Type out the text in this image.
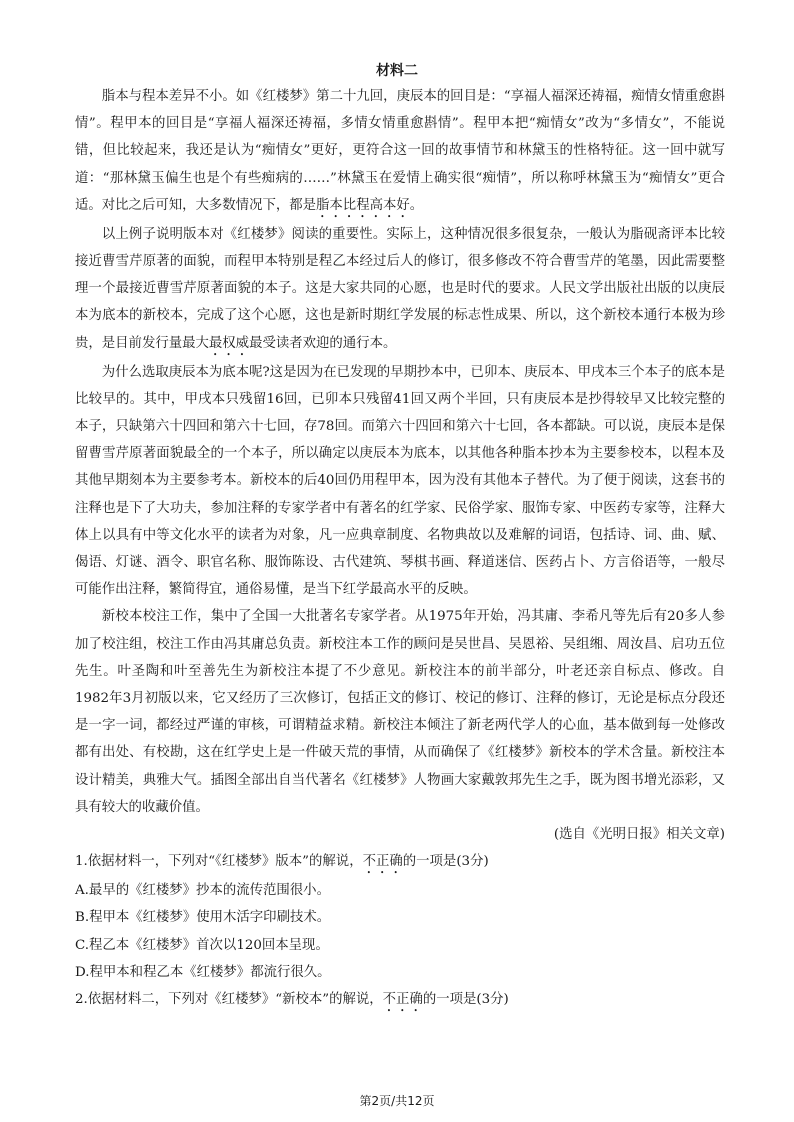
材料二

脂本与程本差异不小。如《红楼梦》第二十九回，庚辰本的回目是：“享福人福深还祷福，痴情女情重愈斟情”。程甲本的回目是“享福人福深还祷福，多情女情重愈斟情”。程甲本把“痴情女”改为“多情女”，不能说错，但比较起来，我还是认为“痴情女”更好，更符合这一回的故事情节和林黛玉的性格特征。这一回中就写道：“那林黛玉偏生也是个有些痴病的……”林黛玉在爱情上确实很“痴情”，所以称呼林黛玉为“痴情女”更合适。对比之后可知，大多数情况下，都是脂本比程高本好。

以上例子说明版本对《红楼梦》阅读的重要性。实际上，这种情况很多很复杂，一般认为脂砚斋评本比较接近曹雪芹原著的面貌，而程甲本特别是程乙本经过后人的修订，很多修改不符合曹雪芹的笔墨，因此需要整理一个最接近曹雪芹原著面貌的本子。这是大家共同的心愿，也是时代的要求。人民文学出版社出版的以庚辰本为底本的新校本，完成了这个心愿，这也是新时期红学发展的标志性成果、所以，这个新校本通行本极为珍贵，是目前发行量最大最权威最受读者欢迎的通行本。

为什么选取庚辰本为底本呢?这是因为在已发现的早期抄本中，已卯本、庚辰本、甲戌本三个本子的底本是比较早的。其中，甲戌本只残留16回，已卯本只残留41回又两个半回，只有庚辰本是抄得较早又比较完整的本子，只缺第六十四回和第六十七回，存78回。而第六十四回和第六十七回，各本都缺。可以说，庚辰本是保留曹雪芹原著面貌最全的一个本子，所以确定以庚辰本为底本，以其他各种脂本抄本为主要参校本，以程本及其他早期刻本为主要参考本。新校本的后40回仍用程甲本，因为没有其他本子替代。为了便于阅读，这套书的注释也是下了大功夫，参加注释的专家学者中有著名的红学家、民俗学家、服饰专家、中医药专家等，注释大体上以具有中等文化水平的读者为对象，凡一应典章制度、名物典故以及难解的词语，包括诗、词、曲、赋、偈语、灯谜、酒令、职官名称、服饰陈设、古代建筑、琴棋书画、释道迷信、医药占卜、方言俗语等，一般尽可能作出注释，繁简得宜，通俗易懂，是当下红学最高水平的反映。

新校本校注工作，集中了全国一大批著名专家学者。从1975年开始，冯其庸、李希凡等先后有20多人参加了校注组，校注工作由冯其庸总负责。新校注本工作的顾问是吴世昌、吴恩裕、吴组缃、周汝昌、启功五位先生。叶圣陶和叶至善先生为新校注本提了不少意见。新校注本的前半部分，叶老还亲自标点、修改。自1982年3月初版以来，它又经历了三次修订，包括正文的修订、校记的修订、注释的修订，无论是标点分段还是一字一词，都经过严谨的审核，可谓精益求精。新校注本倾注了新老两代学人的心血，基本做到每一处修改都有出处、有校勘，这在红学史上是一件破天荒的事情，从而确保了《红楼梦》新校本的学术含量。新校注本设计精美，典雅大气。插图全部出自当代著名《红楼梦》人物画大家戴敦邦先生之手，既为图书增光添彩，又具有较大的收藏价值。

(选自《光明日报》相关文章)

1.依据材料一，下列对“《红楼梦》版本”的解说，不正确的一项是(3分)

A.最早的《红楼梦》抄本的流传范围很小。

B.程甲本《红楼梦》使用木活字印刷技术。

C.程乙本《红楼梦》首次以120回本呈现。

D.程甲本和程乙本《红楼梦》都流行很久。

2.依据材料二，下列对《红楼梦》“新校本”的解说，不正确的一项是(3分)

第2页/共12页
